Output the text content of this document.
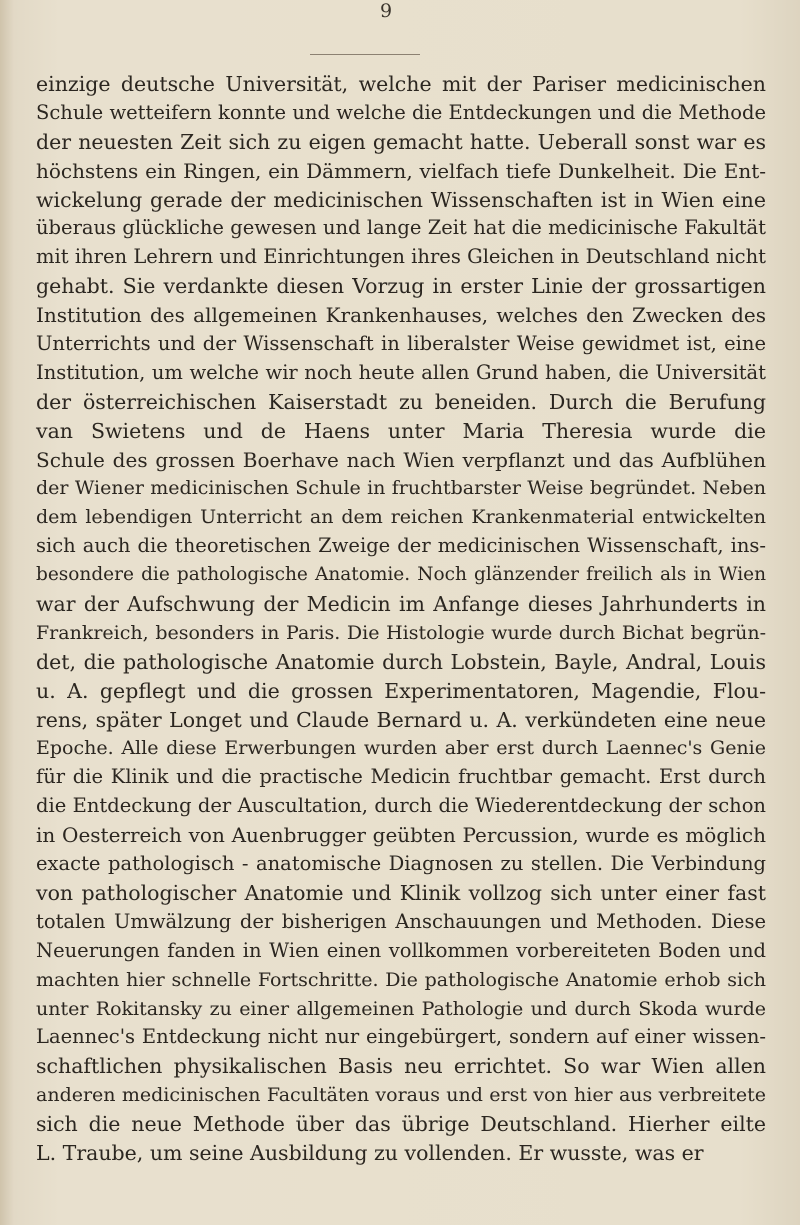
9
einzige deutsche Universität, welche mit der Pariser medicinischen
Schule wetteifern konnte und welche die Entdeckungen und die Methode
der neuesten Zeit sich zu eigen gemacht hatte. Ueberall sonst war es
höchstens ein Ringen, ein Dämmern, vielfach tiefe Dunkelheit. Die Ent-
wickelung gerade der medicinischen Wissenschaften ist in Wien eine
überaus glückliche gewesen und lange Zeit hat die medicinische Fakultät
mit ihren Lehrern und Einrichtungen ihres Gleichen in Deutschland nicht
gehabt. Sie verdankte diesen Vorzug in erster Linie der grossartigen
Institution des allgemeinen Krankenhauses, welches den Zwecken des
Unterrichts und der Wissenschaft in liberalster Weise gewidmet ist, eine
Institution, um welche wir noch heute allen Grund haben, die Universität
der österreichischen Kaiserstadt zu beneiden. Durch die Berufung
van Swietens und de Haens unter Maria Theresia wurde die
Schule des grossen Boerhave nach Wien verpflanzt und das Aufblühen
der Wiener medicinischen Schule in fruchtbarster Weise begründet. Neben
dem lebendigen Unterricht an dem reichen Krankenmaterial entwickelten
sich auch die theoretischen Zweige der medicinischen Wissenschaft, ins-
besondere die pathologische Anatomie. Noch glänzender freilich als in Wien
war der Aufschwung der Medicin im Anfange dieses Jahrhunderts in
Frankreich, besonders in Paris. Die Histologie wurde durch Bichat begrün-
det, die pathologische Anatomie durch Lobstein, Bayle, Andral, Louis
u. A. gepflegt und die grossen Experimentatoren, Magendie, Flou-
rens, später Longet und Claude Bernard u. A. verkündeten eine neue
Epoche. Alle diese Erwerbungen wurden aber erst durch Laennec's Genie
für die Klinik und die practische Medicin fruchtbar gemacht. Erst durch
die Entdeckung der Auscultation, durch die Wiederentdeckung der schon
in Oesterreich von Auenbrugger geübten Percussion, wurde es möglich
exacte pathologisch - anatomische Diagnosen zu stellen. Die Verbindung
von pathologischer Anatomie und Klinik vollzog sich unter einer fast
totalen Umwälzung der bisherigen Anschauungen und Methoden. Diese
Neuerungen fanden in Wien einen vollkommen vorbereiteten Boden und
machten hier schnelle Fortschritte. Die pathologische Anatomie erhob sich
unter Rokitansky zu einer allgemeinen Pathologie und durch Skoda wurde
Laennec's Entdeckung nicht nur eingebürgert, sondern auf einer wissen-
schaftlichen physikalischen Basis neu errichtet. So war Wien allen
anderen medicinischen Facultäten voraus und erst von hier aus verbreitete
sich die neue Methode über das übrige Deutschland. Hierher eilte
L. Traube, um seine Ausbildung zu vollenden. Er wusste, was er
